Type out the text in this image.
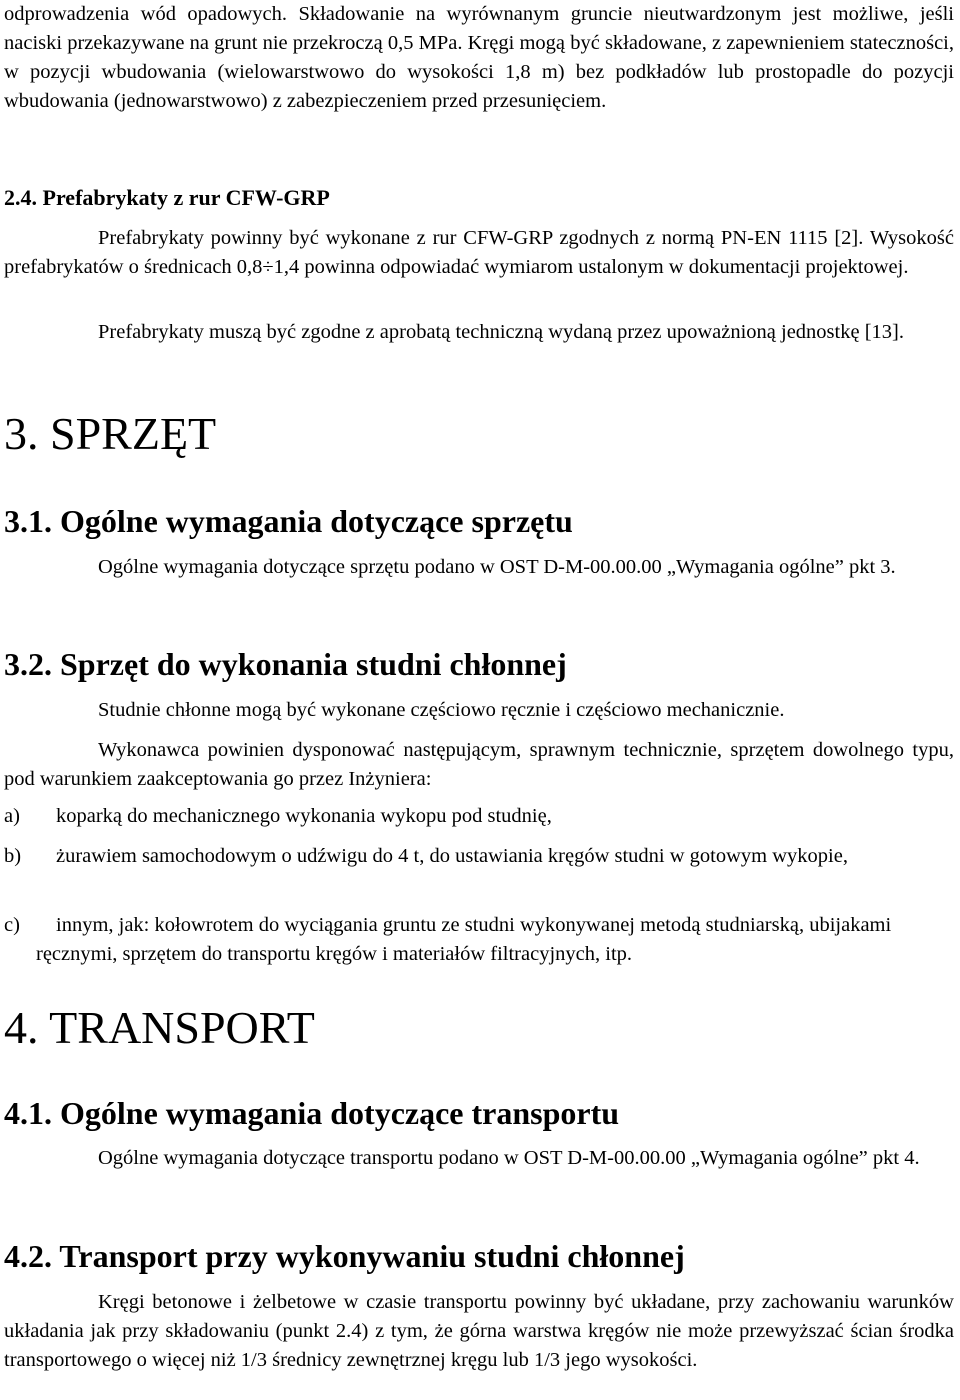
odprowadzenia wód opadowych. Składowanie na wyrównanym gruncie nieutwardzonym jest możliwe, jeśli naciski przekazywane na grunt nie przekroczą 0,5 MPa. Kręgi mogą być składowane, z zapewnieniem stateczności, w pozycji wbudowania (wielowarstwowo do wysokości 1,8 m) bez podkładów lub prostopadle do pozycji wbudowania (jednowarstwowo) z zabezpieczeniem przed przesunięciem.

2.4. Prefabrykaty z rur CFW-GRP

Prefabrykaty powinny być wykonane z rur CFW-GRP zgodnych z normą PN-EN 1115 [2]. Wysokość prefabrykatów o średnicach 0,8÷1,4 powinna odpowiadać wymiarom ustalonym w dokumentacji projektowej.

Prefabrykaty muszą być zgodne z aprobatą techniczną wydaną przez upoważnioną jednostkę [13].

3. SPRZĘT
3.1. Ogólne wymagania dotyczące sprzętu

Ogólne wymagania dotyczące sprzętu podano w OST D-M-00.00.00 „Wymagania ogólne” pkt 3.

3.2. Sprzęt do wykonania studni chłonnej

Studnie chłonne mogą być wykonane częściowo ręcznie i częściowo mechanicznie.

Wykonawca powinien dysponować następującym, sprawnym technicznie, sprzętem dowolnego typu, pod warunkiem zaakceptowania go przez Inżyniera:

a)	koparką do mechanicznego wykonania wykopu pod studnię,
b)	żurawiem samochodowym o udźwigu do 4 t, do ustawiania kręgów studni w gotowym wykopie,
c)	innym, jak: kołowrotem do wyciągania gruntu ze studni wykonywanej metodą studniarską, ubijakami ręcznymi, sprzętem do transportu kręgów i materiałów filtracyjnych, itp.
4. TRANSPORT
4.1. Ogólne wymagania dotyczące transportu

Ogólne wymagania dotyczące transportu podano w OST D-M-00.00.00 „Wymagania ogólne” pkt 4.

4.2. Transport przy wykonywaniu studni chłonnej

Kręgi betonowe i żelbetowe w czasie transportu powinny być układane, przy zachowaniu warunków układania jak przy składowaniu (punkt 2.4) z tym, że górna warstwa kręgów nie może przewyższać ścian środka transportowego o więcej niż 1/3 średnicy zewnętrznej kręgu lub 1/3 jego wysokości.
